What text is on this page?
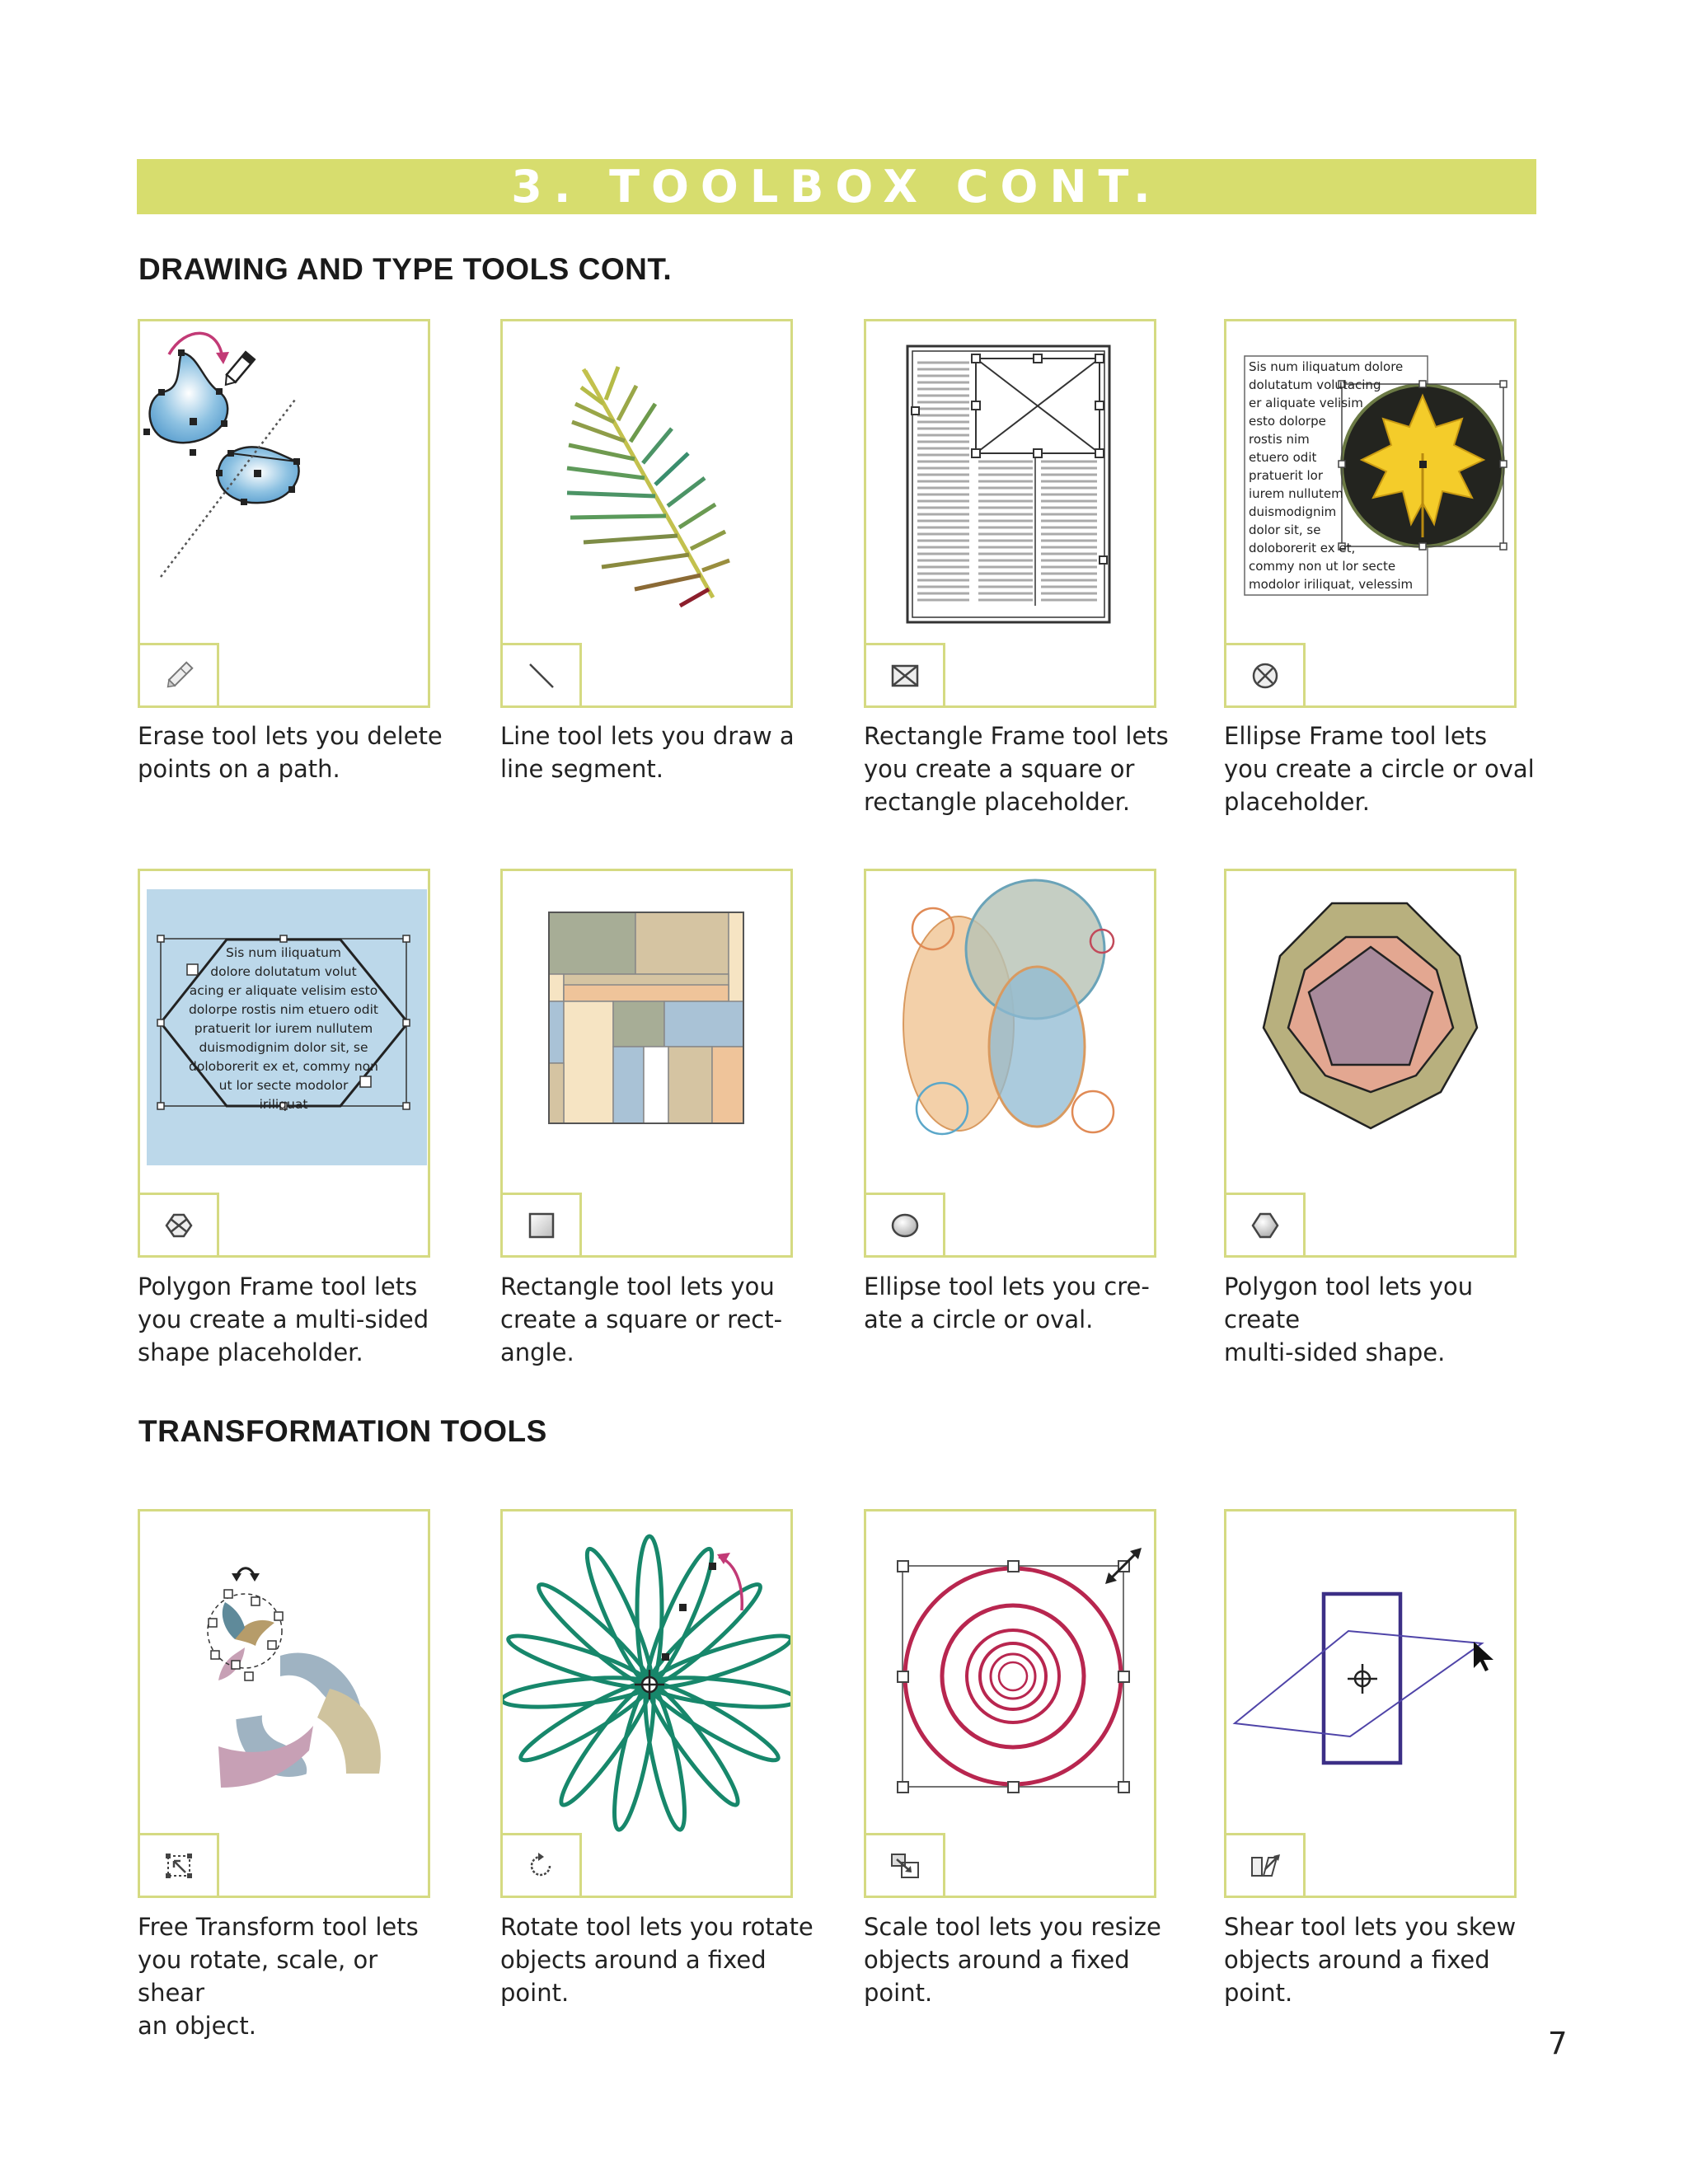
3. TOOLBOX CONT.
DRAWING AND TYPE TOOLS CONT.
TRANSFORMATION TOOLS

Erase tool lets you delete
points on a path.

Line tool lets you draw a
line segment.

Rectangle Frame tool lets
you create a square or
rectangle placeholder.

Sis num iliquatum dolore
dolutatum volutacing
er aliquate velisim
esto dolorpe
rostis nim
etuero odit
pratuerit lor
iurem nullutem
duismodignim
dolor sit, se
doloborerit ex et,
commy non ut lor secte
modolor iriliquat, velessim

Ellipse Frame tool lets
you create a circle or oval
placeholder.

Sis num iliquatum
dolore dolutatum volut
acing er aliquate velisim esto
dolorpe rostis nim etuero odit
pratuerit lor iurem nullutem
duismodignim dolor sit, se
doloborerit ex et, commy non
ut lor secte modolor
iriliquat

Polygon Frame tool lets
you create a multi-sided
shape placeholder.

Rectangle tool lets you
create a square or rect-
angle.

Ellipse tool lets you cre-
ate a circle or oval.

Polygon tool lets you create
multi-sided shape.

Free Transform tool lets
you rotate, scale, or shear
an object.

Rotate tool lets you rotate
objects around a fixed
point.

Scale tool lets you resize
objects around a fixed
point.

Shear tool lets you skew
objects around a fixed
point.

7
